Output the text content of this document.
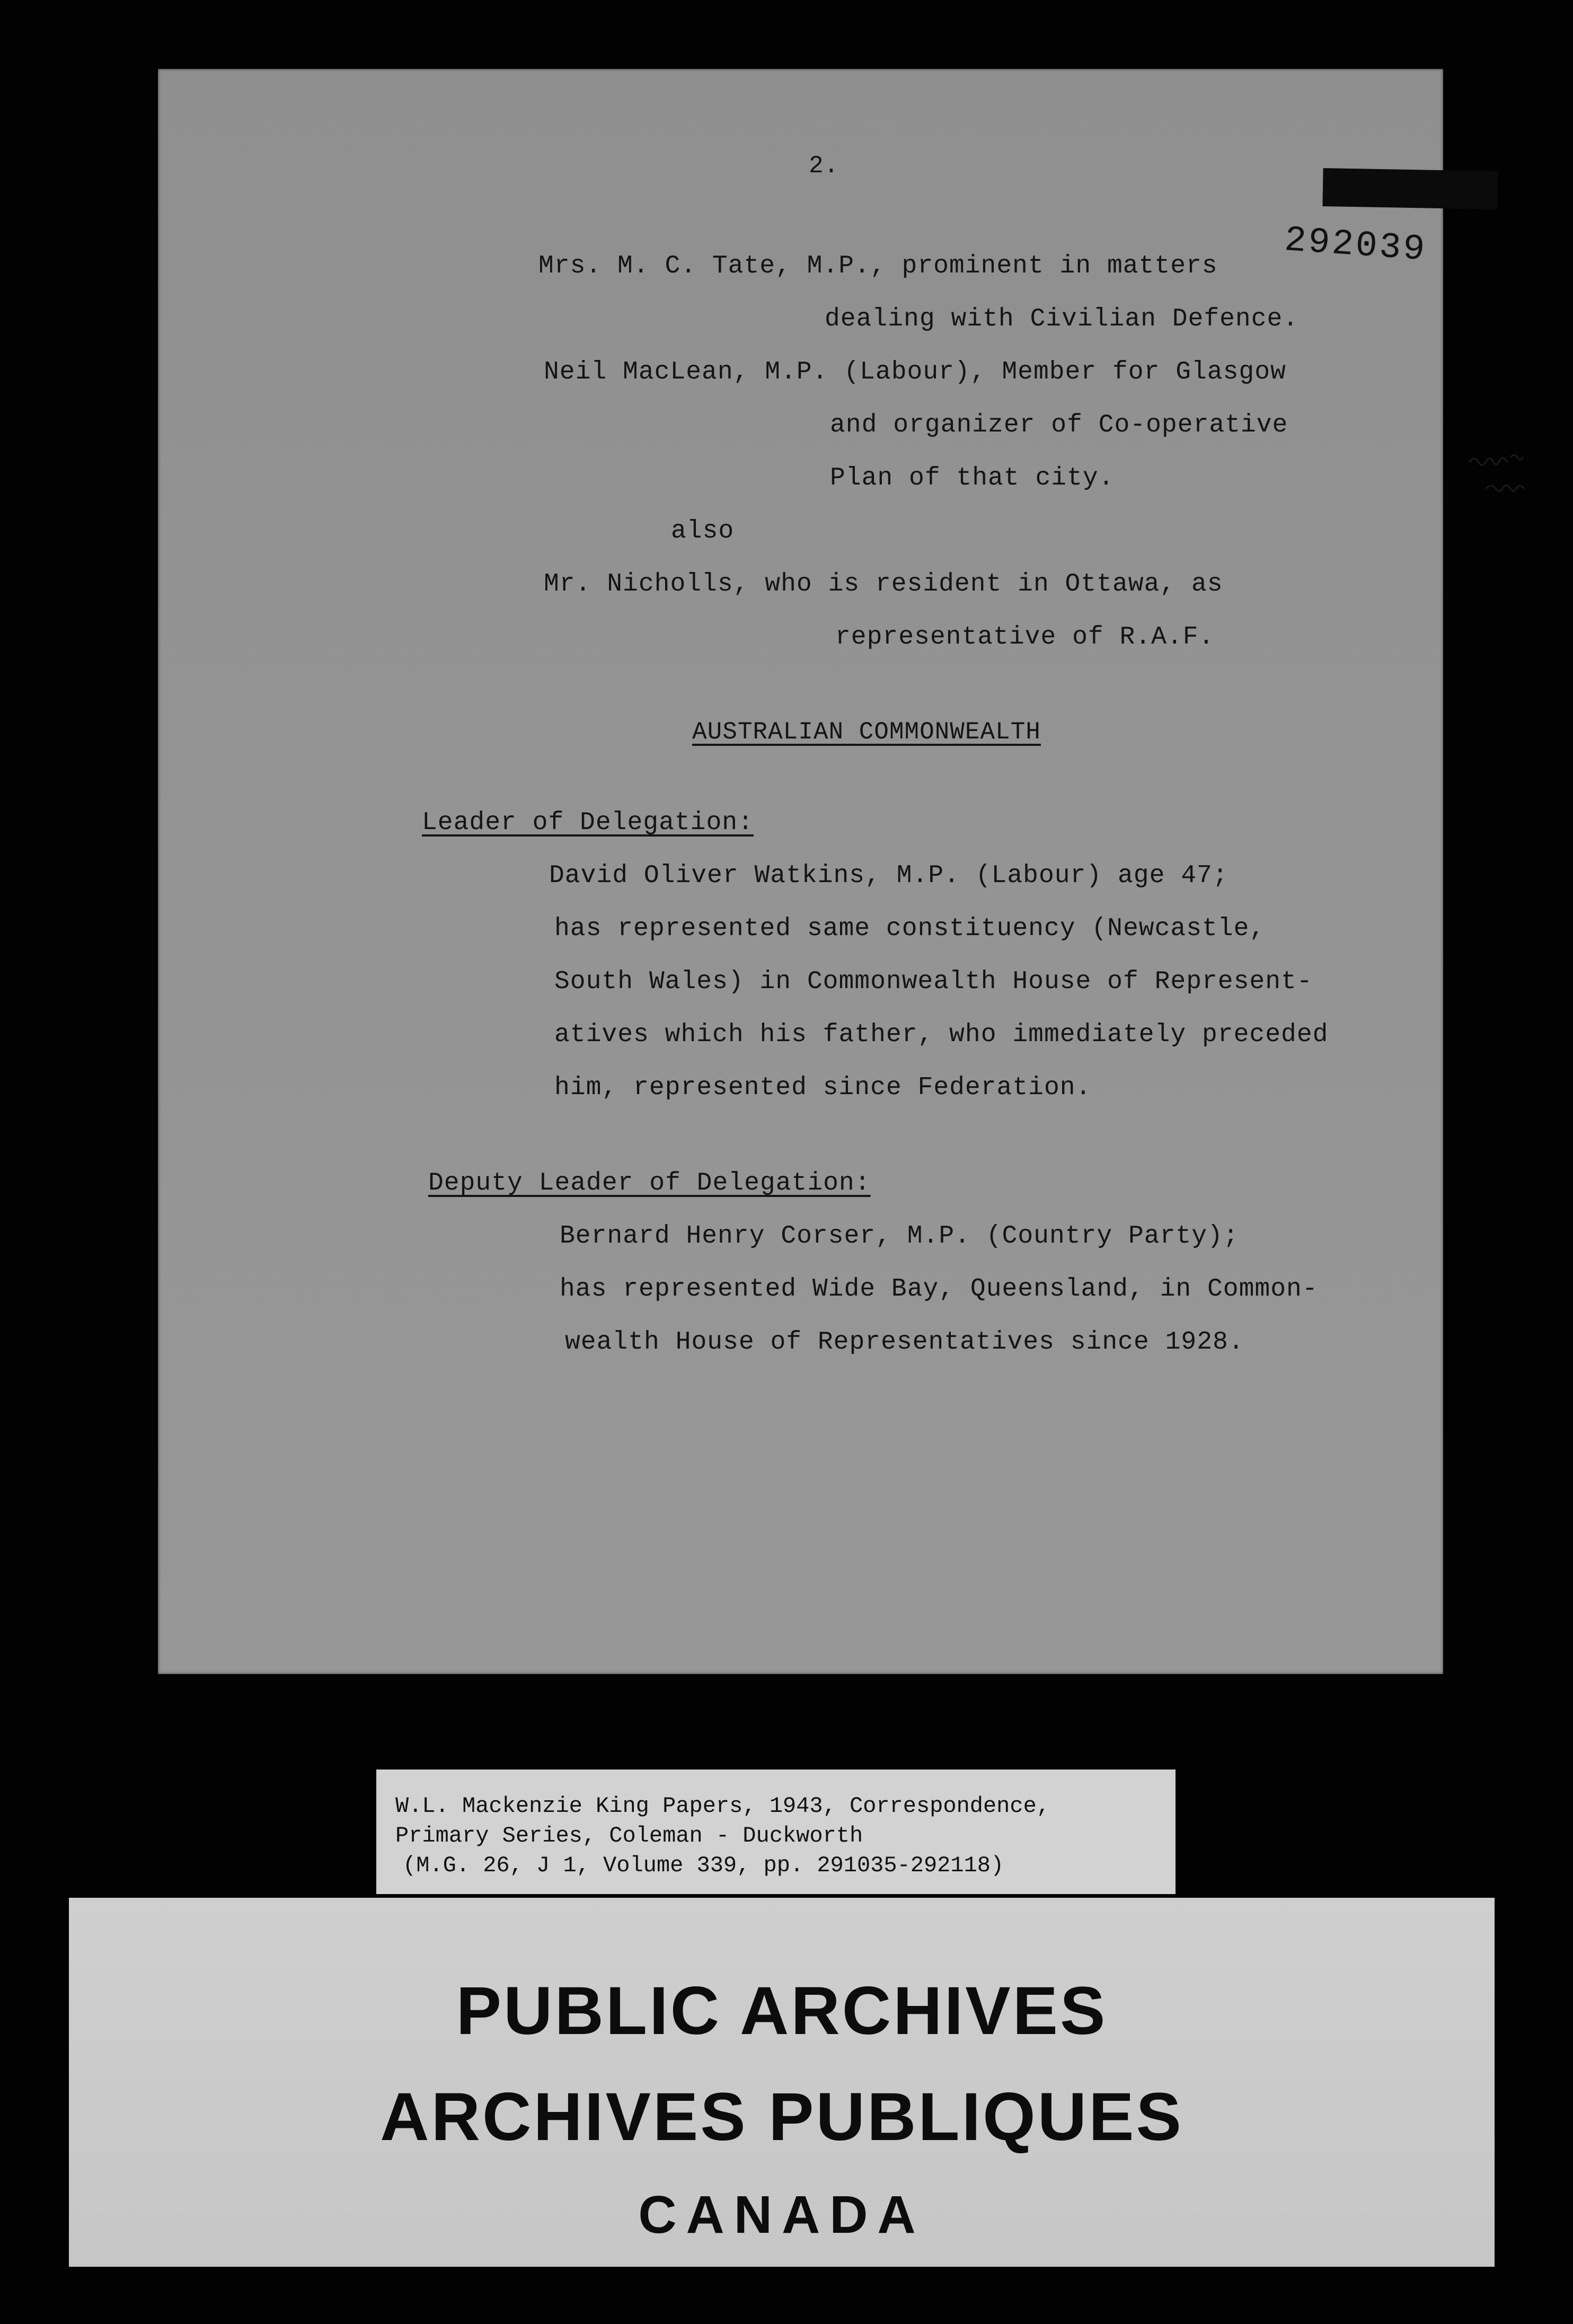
2.
292039
Mrs. M. C. Tate, M.P., prominent in matters
dealing with Civilian Defence.
Neil MacLean, M.P. (Labour), Member for Glasgow
and organizer of Co-operative
Plan of that city.
also
Mr. Nicholls, who is resident in Ottawa, as
representative of R.A.F.
AUSTRALIAN COMMONWEALTH
Leader of Delegation:
David Oliver Watkins, M.P. (Labour) age 47;
has represented same constituency (Newcastle,
South Wales) in Commonwealth House of Represent-
atives which his father, who immediately preceded
him, represented since Federation.
Deputy Leader of Delegation:
Bernard Henry Corser, M.P. (Country Party);
has represented Wide Bay, Queensland, in Common-
wealth House of Representatives since 1928.
W.L. Mackenzie King Papers, 1943, Correspondence,
Primary Series, Coleman - Duckworth
(M.G. 26, J 1, Volume 339, pp. 291035-292118)
PUBLIC ARCHIVES
ARCHIVES PUBLIQUES
CANADA
